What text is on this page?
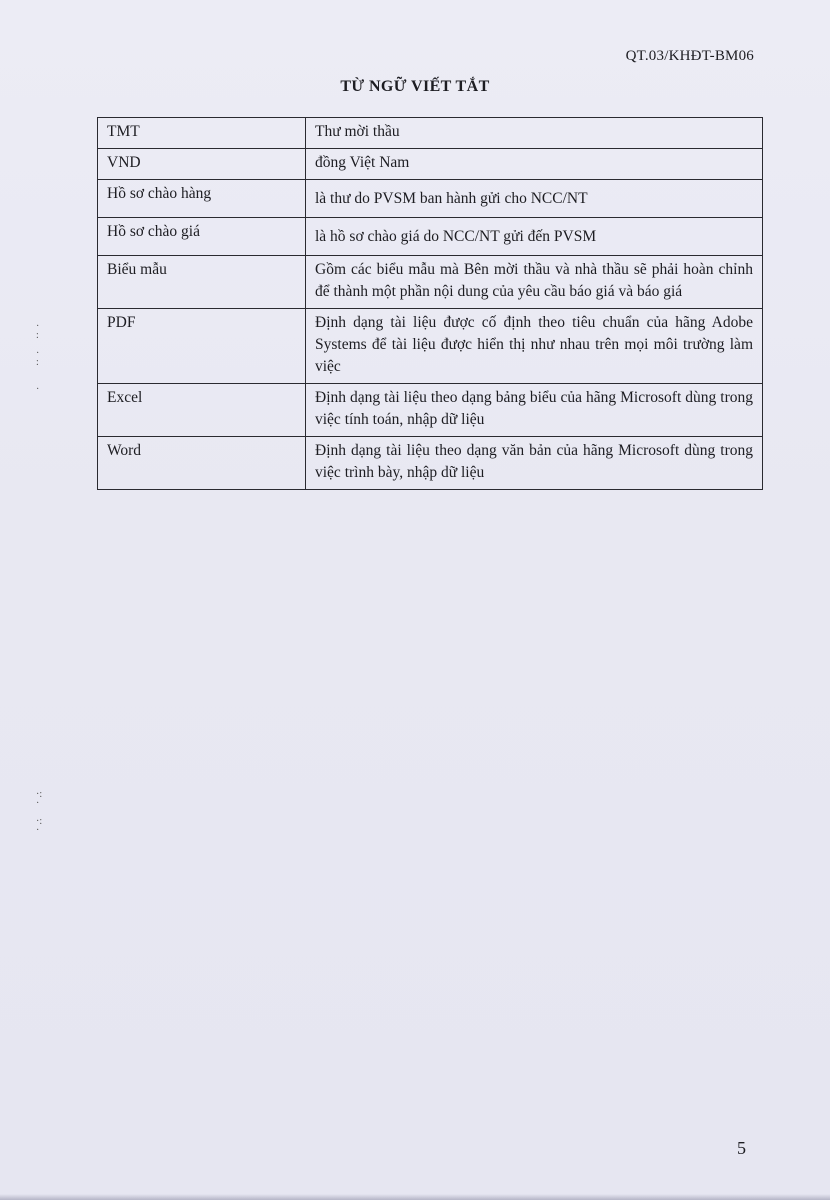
QT.03/KHĐT-BM06
TỪ NGỮ VIẾT TẮT
TMT	Thư mời thầu
VND	đồng Việt Nam
Hồ sơ chào hàng	là thư do PVSM ban hành gửi cho NCC/NT
Hồ sơ chào giá	là hồ sơ chào giá do NCC/NT gửi đến PVSM
Biểu mẫu	Gồm các biểu mẫu mà Bên mời thầu và nhà thầu sẽ phải hoàn chỉnh để thành một phần nội dung của yêu cầu báo giá và báo giá
PDF	Định dạng tài liệu được cố định theo tiêu chuẩn của hãng Adobe Systems để tài liệu được hiển thị như nhau trên mọi môi trường làm việc
Excel	Định dạng tài liệu theo dạng bảng biểu của hãng Microsoft dùng trong việc tính toán, nhập dữ liệu
Word	Định dạng tài liệu theo dạng văn bản của hãng Microsoft dùng trong việc trình bày, nhập dữ liệu
·
:

·
:

·
·:
·

·:
·
5
